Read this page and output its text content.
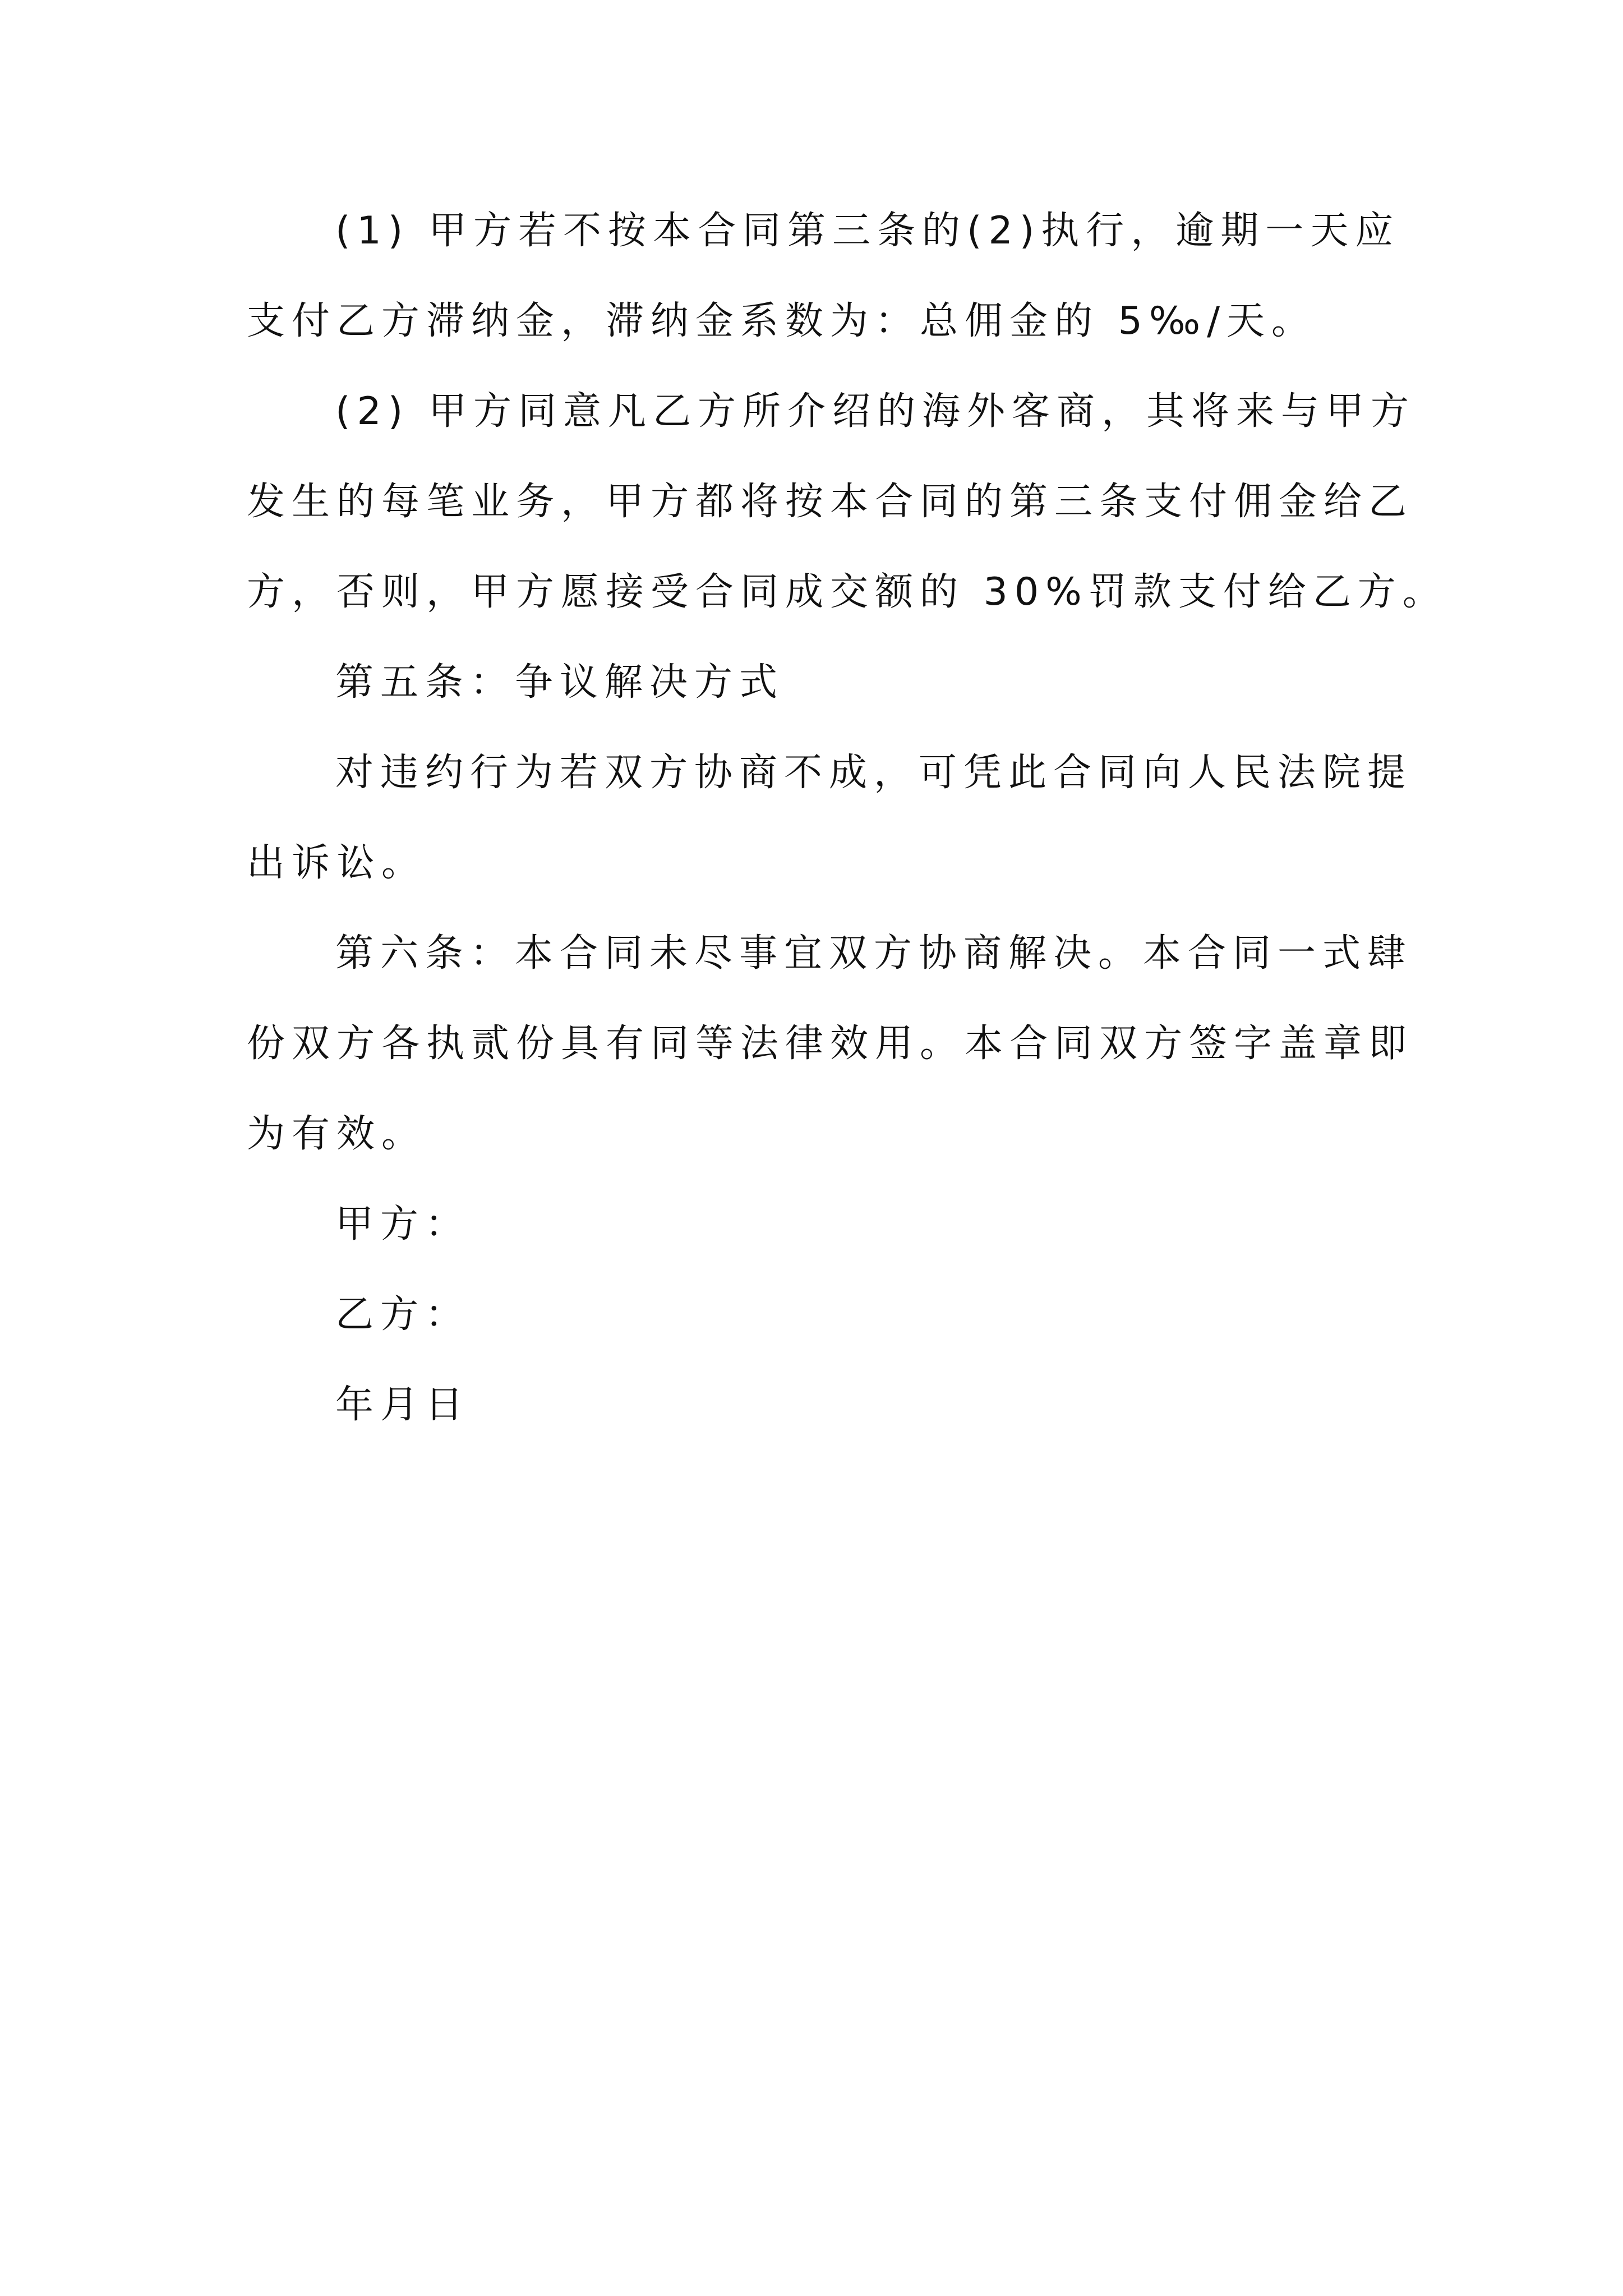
(1) 甲方若不按本合同第三条的(2)执行，逾期一天应
支付乙方滞纳金，滞纳金系数为：总佣金的 5‰/天。
(2) 甲方同意凡乙方所介绍的海外客商，其将来与甲方
发生的每笔业务，甲方都将按本合同的第三条支付佣金给乙
方，否则，甲方愿接受合同成交额的 30%罚款支付给乙方。
第五条：争议解决方式
对违约行为若双方协商不成，可凭此合同向人民法院提
出诉讼。
第六条：本合同未尽事宜双方协商解决。本合同一式肆
份双方各执贰份具有同等法律效用。本合同双方签字盖章即
为有效。
甲方：
乙方：
年月日
